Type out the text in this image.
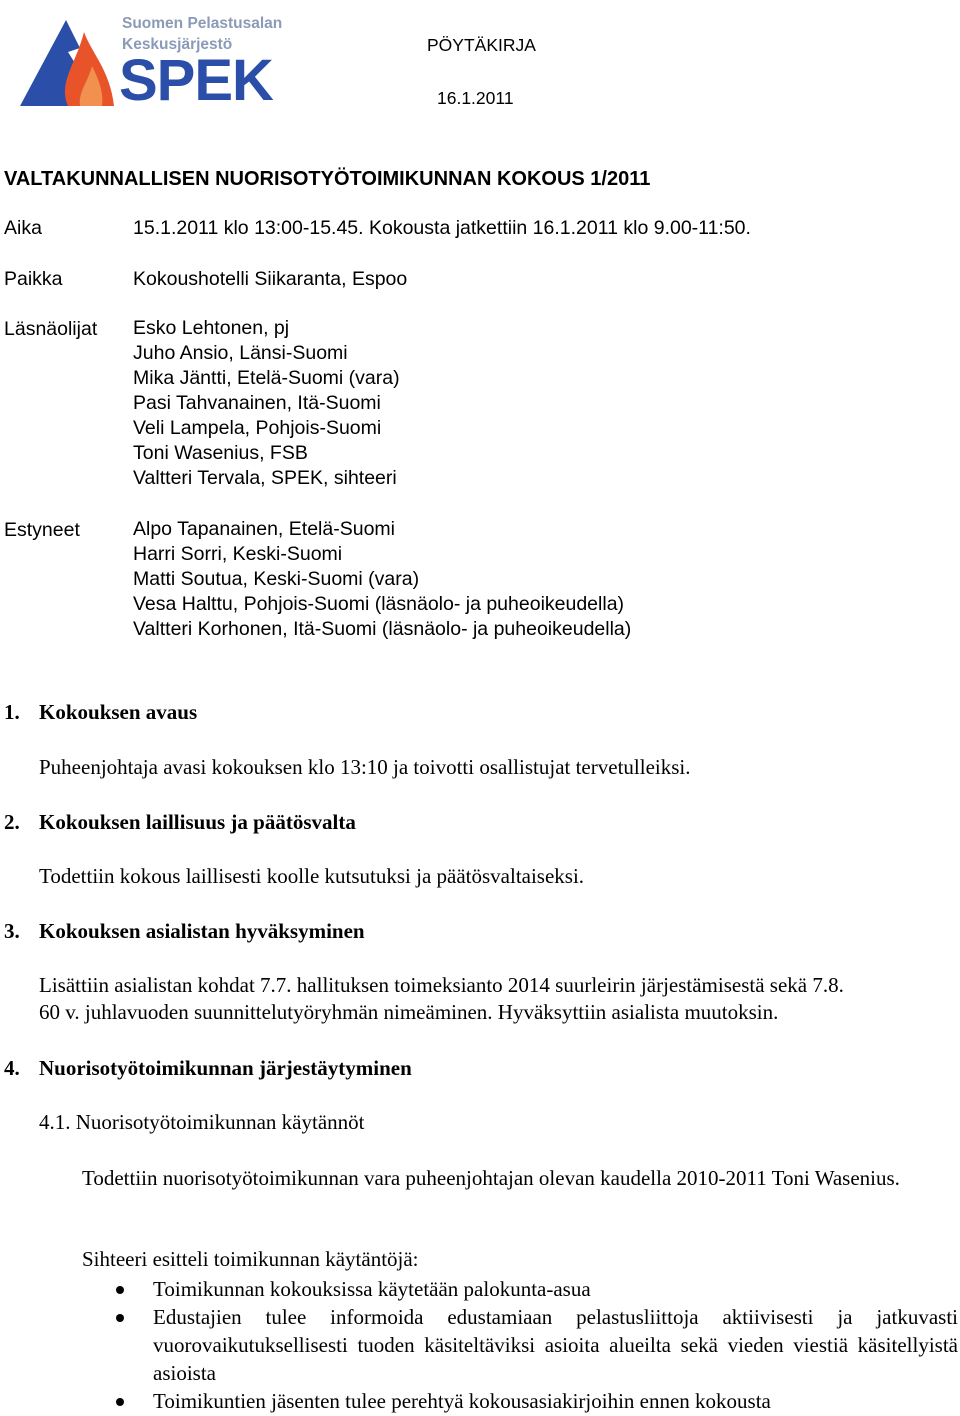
Suomen Pelastusalan
Keskusjärjestö
SPEK
PÖYTÄKIRJA
16.1.2011
VALTAKUNNALLISEN NUORISOTYÖTOIMIKUNNAN KOKOUS 1/2011
Aika	15.1.2011 klo 13:00-15.45. Kokousta jatkettiin 16.1.2011 klo 9.00-11:50.
Paikka	Kokoushotelli Siikaranta, Espoo
Läsnäolijat Esko Lehtonen, pj
Juho Ansio, Länsi-Suomi
Mika Jäntti, Etelä-Suomi (vara)
Pasi Tahvanainen, Itä-Suomi
Veli Lampela, Pohjois-Suomi
Toni Wasenius, FSB
Valtteri Tervala, SPEK, sihteeri
Estyneet	Alpo Tapanainen, Etelä-Suomi
Harri Sorri, Keski-Suomi
Matti Soutua, Keski-Suomi (vara)
Vesa Halttu, Pohjois-Suomi (läsnäolo- ja puheoikeudella)
Valtteri Korhonen, Itä-Suomi (läsnäolo- ja puheoikeudella)
1. Kokouksen avaus
Puheenjohtaja avasi kokouksen klo 13:10 ja toivotti osallistujat tervetulleiksi.
2. Kokouksen laillisuus ja päätösvalta
Todettiin kokous laillisesti koolle kutsutuksi ja päätösvaltaiseksi.
3. Kokouksen asialistan hyväksyminen
Lisättiin asialistan kohdat 7.7. hallituksen toimeksianto 2014 suurleirin järjestämisestä sekä 7.8.
60 v. juhlavuoden suunnittelutyöryhmän nimeäminen. Hyväksyttiin asialista muutoksin.
4. Nuorisotyötoimikunnan järjestäytyminen
4.1. Nuorisotyötoimikunnan käytännöt
Todettiin nuorisotyötoimikunnan vara puheenjohtajan olevan kaudella 2010-2011 Toni Wasenius.
Sihteeri esitteli toimikunnan käytäntöjä:
Toimikunnan kokouksissa käytetään palokunta-asua
Edustajien tulee informoida edustamiaan pelastusliittoja aktiivisesti ja jatkuvasti vuorovaikutuksellisesti tuoden käsiteltäviksi asioita alueilta sekä vieden viestiä käsitellyistä asioista
Toimikuntien jäsenten tulee perehtyä kokousasiakirjoihin ennen kokousta
